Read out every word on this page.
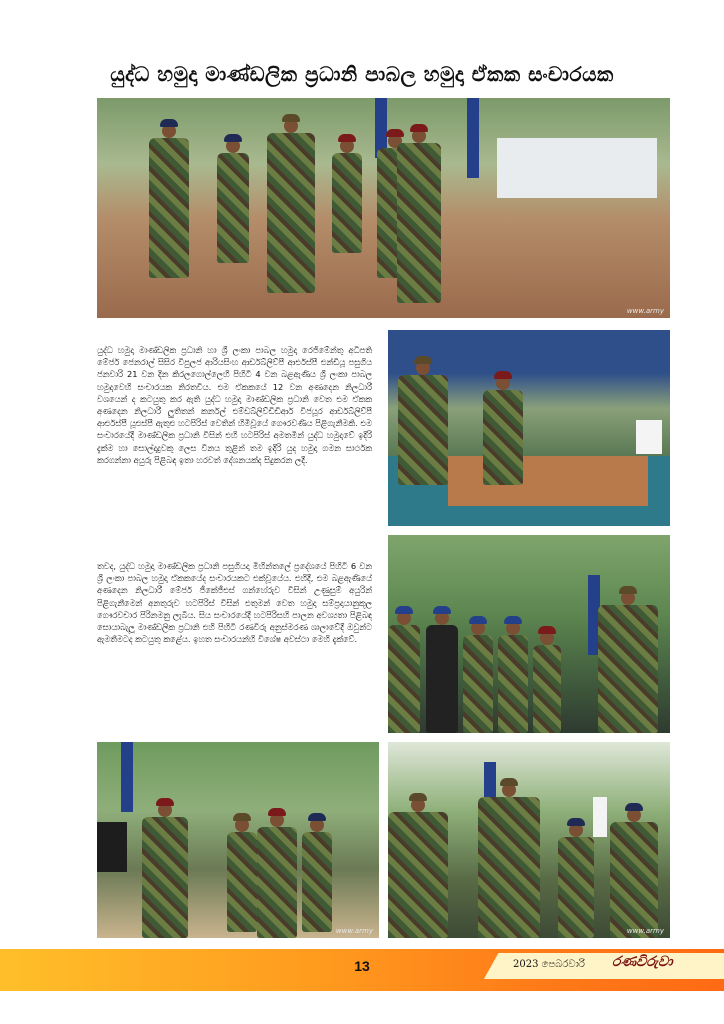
යුද්ධ හමුදා මාණ්ඩලික ප්‍රධානි පාබල හමුදා ඒකක සංචාරයක
www.army
www.army	www.army
යුද්ධ හමුදා මාණ්ඩලික ප්‍රධානි හා ශ්‍රී ලංකා පාබල හමුදා රෙජිමේන්තු අධිපති මේජර් ජෙනරාල් සිසිර විපුලජ ආරියසිංහ ආර්ඩබ්ලිව්පී ආර්එස්පී එන්ඩියූ පසුගිය ජනවාරි 21 වන දින කිරලගොල්ලෙහි පිහිටි 4 වන බළඇණිය ශ්‍රී ලංකා පාබල හමුදාවෙහි සංචාරයක නිරතවිය. එම ඒකකයේ 12 වන අණදෙන නිලධාරී වශයෙන් ද කටයුතු කර ඇති යුද්ධ හමුදා මාණ්ඩලික ප්‍රධානි වෙත එම ඒකක අණදෙන නිලධාරී ලුතිතන් කර්නල් එම්ඩබ්ලිව්ඩීඩීආර් විජයූර ආර්ඩබ්ලිව්පී ආර්එස්පී යූඑස්පී ඇතුළු හටපිරිස් වෙතින් හිමිවූයේ ගෞරවණීය පිළිගැනීමකි. එම සංචාරයේදී මාණ්ඩලික ප්‍රධානි විසින් එහි හටපිරිස් අමතමින් යුද්ධ හමුදාවේ ඉදිරි දැක්ම හා සොල්දාදුවකු ලෙස විනය තුළින් තම ඉදිරි යුද හමුදා ගමන සාර්ථක කරගන්නා අයුරු පිළිබඳ ඉතා හරවත් දේශනයක්ද සිදුකරන ලදී.
තවද, යුද්ධ හමුදා මාණ්ඩලික ප්‍රධානි පසුගියදා මිහින්තලේ ප්‍රදේශයේ පිහිටි 6 වන ශ්‍රී ලංකා පාබල හමුදා ඒකකයේද සංචාරයකට එක්වූයේය. එහිදී, එම බළඇණියේ අණදෙන නිලධාරී මේජර් ජීකේජීඑස් ගන්හේරුව විසින් උණුසුම් අයුරින් පිළිගැනීමෙන් අනතුරුව හටපිරිස් විසින් එතුමන් වෙත හමුදා සම්ප්‍රදායානුකූල ගෞරවචාර පිරිනමනු ලැබීය. සිය සංචාරයේදී හටපිරිසහි පාලන අවශ්‍යතා පිළිබඳ සොයාබැලූ මාණ්ඩලික ප්‍රධානි එහි පිහිටි රණවිරු අනුස්මරණ ශාලාවේදී ඔවුන්ට ඇමතීමටද කටයුතු කළේය. ඉහත සංචාරයන්හි විශේෂ අවස්ථා මෙහි දැක්වේ.
13	2023 පෙබරවාරි රණවිරුවා
